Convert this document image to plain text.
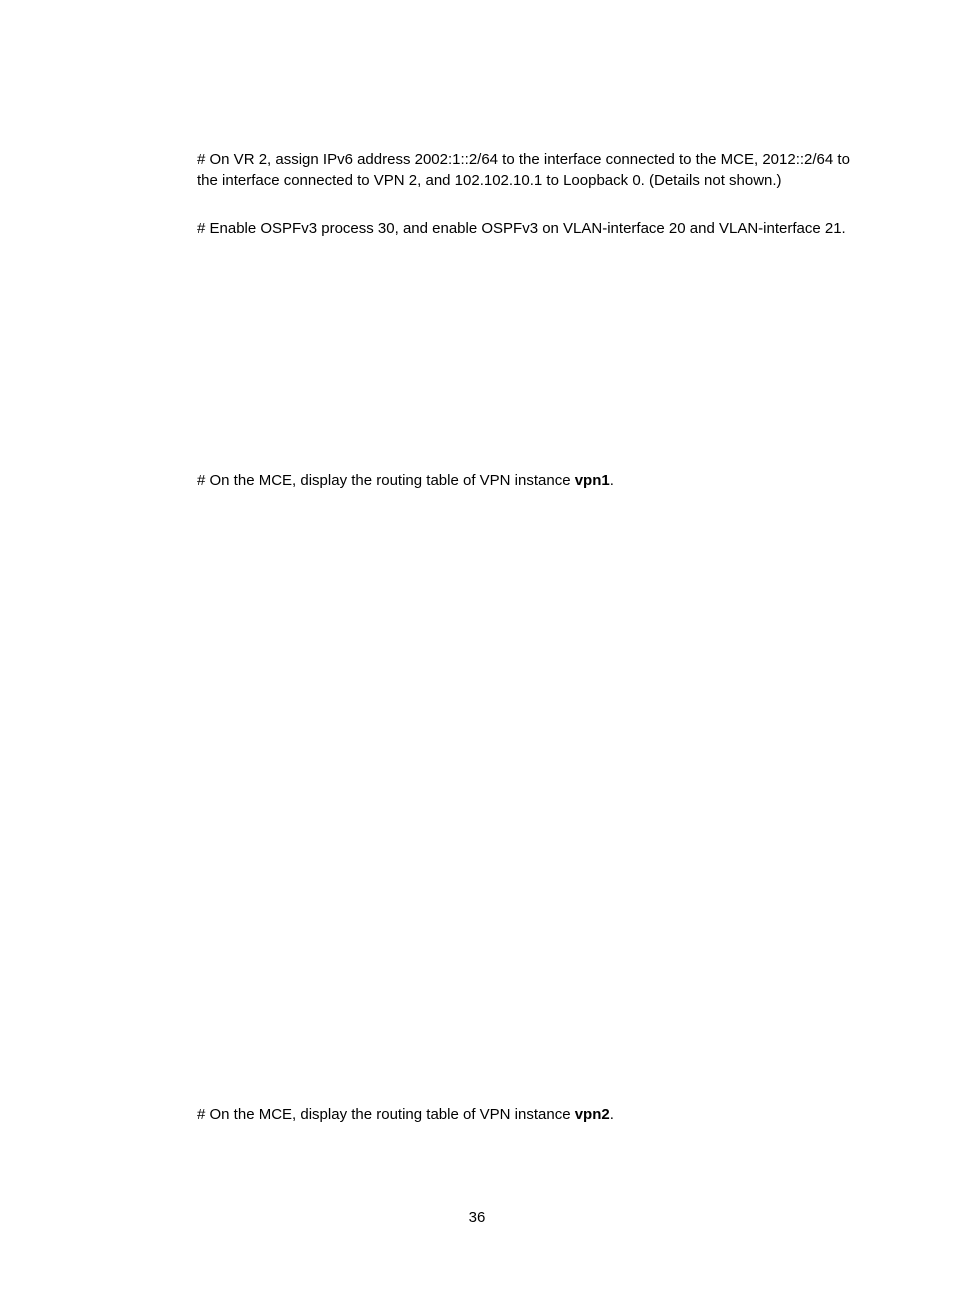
# On VR 2, assign IPv6 address 2002:1::2/64 to the interface connected to the MCE, 2012::2/64 to the interface connected to VPN 2, and 102.102.10.1 to Loopback 0. (Details not shown.)

# Enable OSPFv3 process 30, and enable OSPFv3 on VLAN-interface 20 and VLAN-interface 21.

# On the MCE, display the routing table of VPN instance vpn1.

# On the MCE, display the routing table of VPN instance vpn2.

36
